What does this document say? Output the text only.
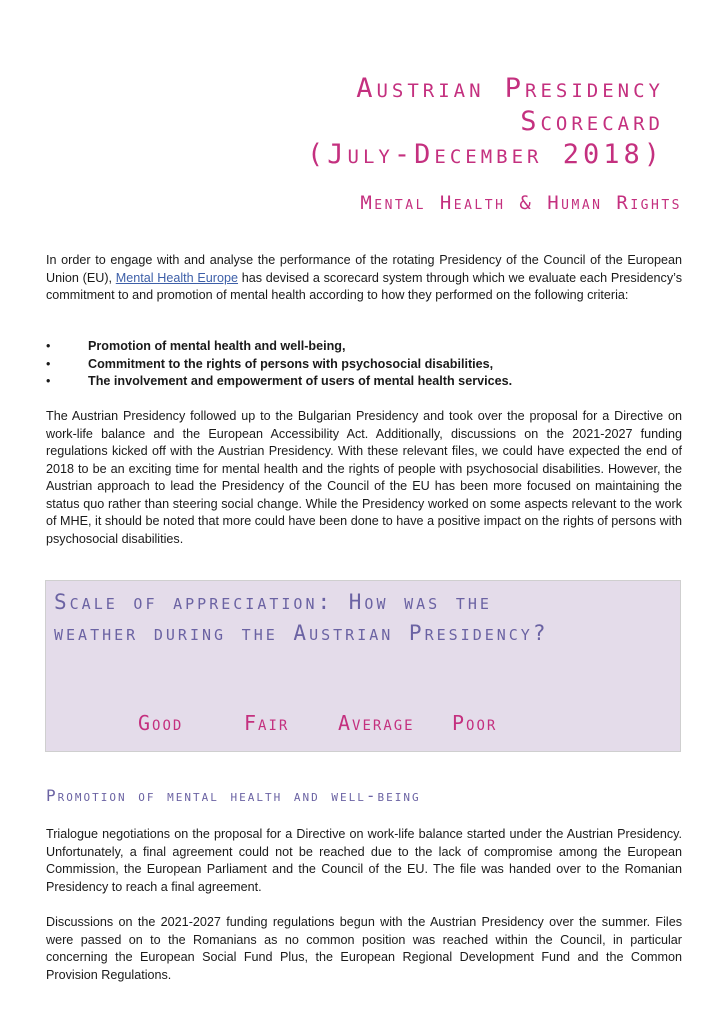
Austrian Presidency
Scorecard
(July-December 2018)
Mental Health & Human Rights

In order to engage with and analyse the performance of the rotating Presidency of the Council of the European Union (EU), Mental Health Europe has devised a scorecard system through which we evaluate each Presidency’s commitment to and promotion of mental health according to how they performed on the following criteria:

•	Promotion of mental health and well-being,
•	Commitment to the rights of persons with psychosocial disabilities,
•	The involvement and empowerment of users of mental health services.

The Austrian Presidency followed up to the Bulgarian Presidency and took over the proposal for a Directive on work-life balance and the European Accessibility Act. Additionally, discussions on the 2021-2027 funding regulations kicked off with the Austrian Presidency. With these relevant files, we could have expected the end of 2018 to be an exciting time for mental health and the rights of people with psychosocial disabilities. However, the Austrian approach to lead the Presidency of the Council of the EU has been more focused on maintaining the status quo rather than steering social change. While the Presidency worked on some aspects relevant to the work of MHE, it should be noted that more could have been done to have a positive impact on the rights of persons with psychosocial disabilities.

Scale of appreciation: How was the
weather during the Austrian Presidency?
Good	Fair Average Poor
Promotion of mental health and well-being

Trialogue negotiations on the proposal for a Directive on work-life balance started under the Austrian Presidency. Unfortunately, a final agreement could not be reached due to the lack of compromise among the European Commission, the European Parliament and the Council of the EU. The file was handed over to the Romanian Presidency to reach a final agreement.

Discussions on the 2021-2027 funding regulations begun with the Austrian Presidency over the summer. Files were passed on to the Romanians as no common position was reached within the Council, in particular concerning the European Social Fund Plus, the European Regional Development Fund and the Common Provision Regulations.
